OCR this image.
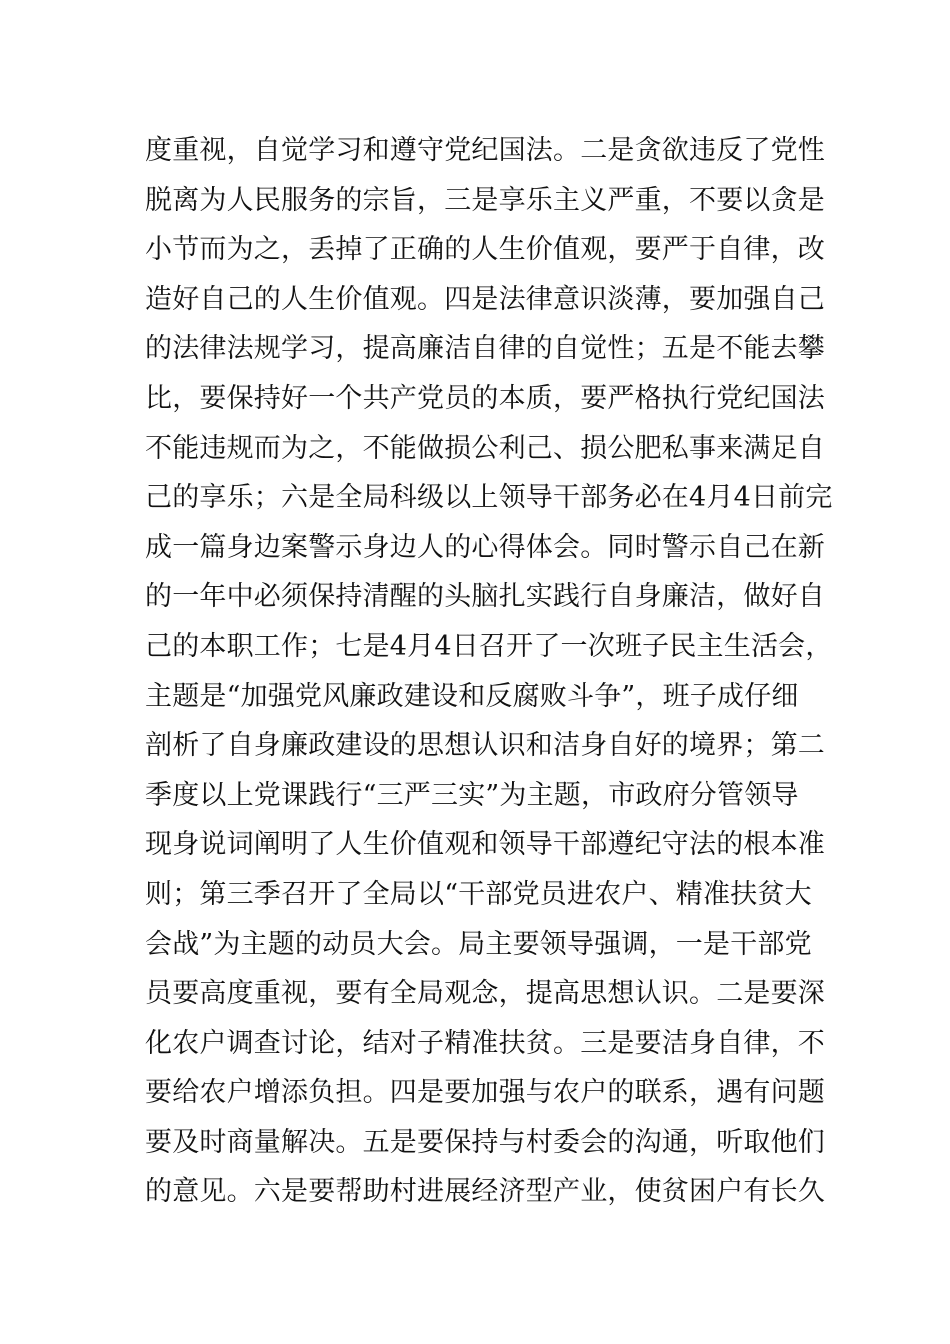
度重视，自觉学习和遵守党纪国法。二是贪欲违反了党性
脱离为人民服务的宗旨，三是享乐主义严重，不要以贪是
小节而为之，丢掉了正确的人生价值观，要严于自律，改
造好自己的人生价值观。四是法律意识淡薄，要加强自己
的法律法规学习，提高廉洁自律的自觉性；五是不能去攀
比，要保持好一个共产党员的本质，要严格执行党纪国法
不能违规而为之，不能做损公利己、损公肥私事来满足自
己的享乐；六是全局科级以上领导干部务必在4月4日前完
成一篇身边案警示身边人的心得体会。同时警示自己在新
的一年中必须保持清醒的头脑扎实践行自身廉洁，做好自
己的本职工作；七是4月4日召开了一次班子民主生活会，
主题是“加强党风廉政建设和反腐败斗争”，班子成仔细
剖析了自身廉政建设的思想认识和洁身自好的境界；第二
季度以上党课践行“三严三实”为主题，市政府分管领导
现身说词阐明了人生价值观和领导干部遵纪守法的根本准
则；第三季召开了全局以“干部党员进农户、精准扶贫大
会战”为主题的动员大会。局主要领导强调，一是干部党
员要高度重视，要有全局观念，提高思想认识。二是要深
化农户调查讨论，结对子精准扶贫。三是要洁身自律，不
要给农户增添负担。四是要加强与农户的联系，遇有问题
要及时商量解决。五是要保持与村委会的沟通，听取他们
的意见。六是要帮助村进展经济型产业，使贫困户有长久
